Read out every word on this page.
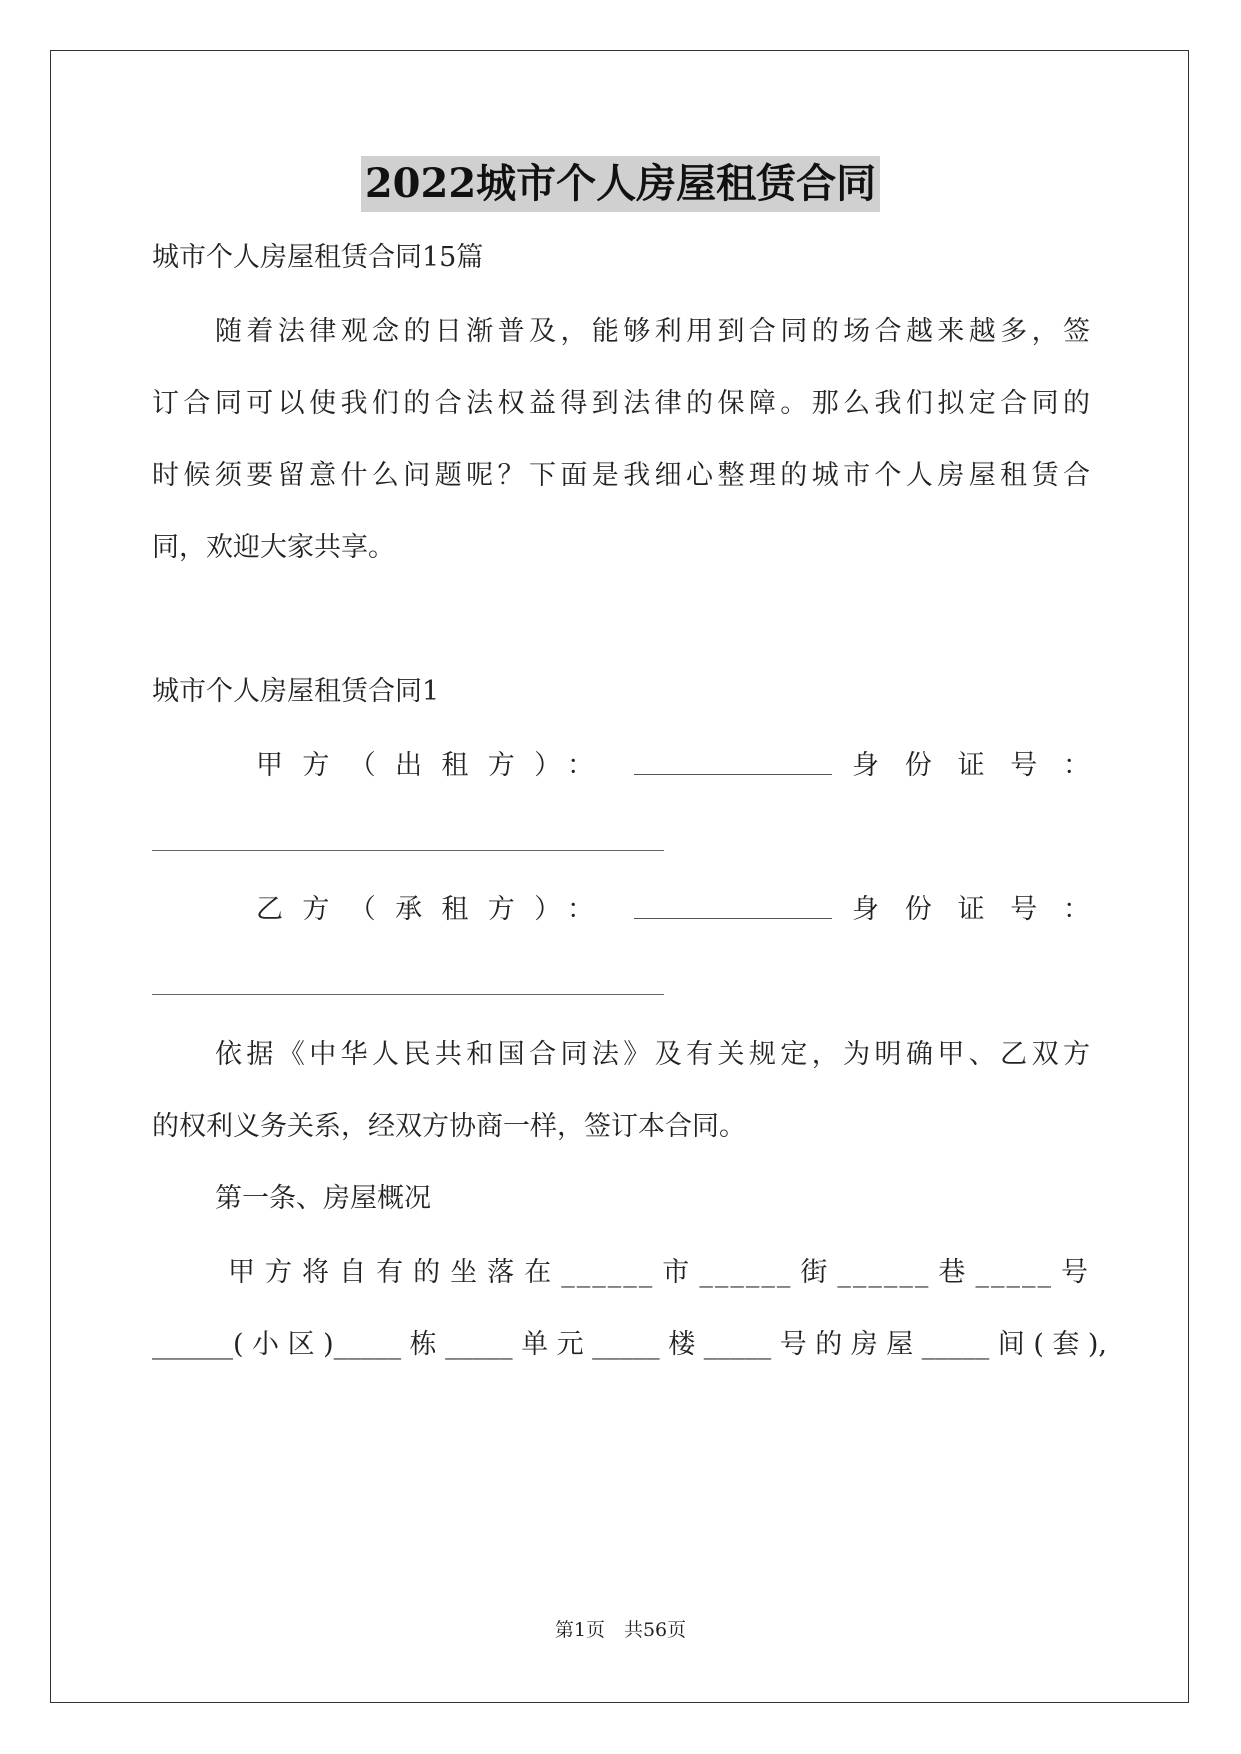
2022城市个人房屋租赁合同
城市个人房屋租赁合同15篇
随着法律观念的日渐普及，能够利用到合同的场合越来越多，签
订合同可以使我们的合法权益得到法律的保障。那么我们拟定合同的
时候须要留意什么问题呢？下面是我细心整理的城市个人房屋租赁合
同，欢迎大家共享。
城市个人房屋租赁合同1
甲方（出租方）：	身份证号：
乙方（承租方）：	身份证号：
依据《中华人民共和国合同法》及有关规定，为明确甲、乙双方
的权利义务关系，经双方协商一样，签订本合同。
第一条、房屋概况
甲方将自有的坐落在______市______街______巷_____号
______(小区)_____栋_____单元_____楼_____号的房屋_____间(套),
第1页　共56页
